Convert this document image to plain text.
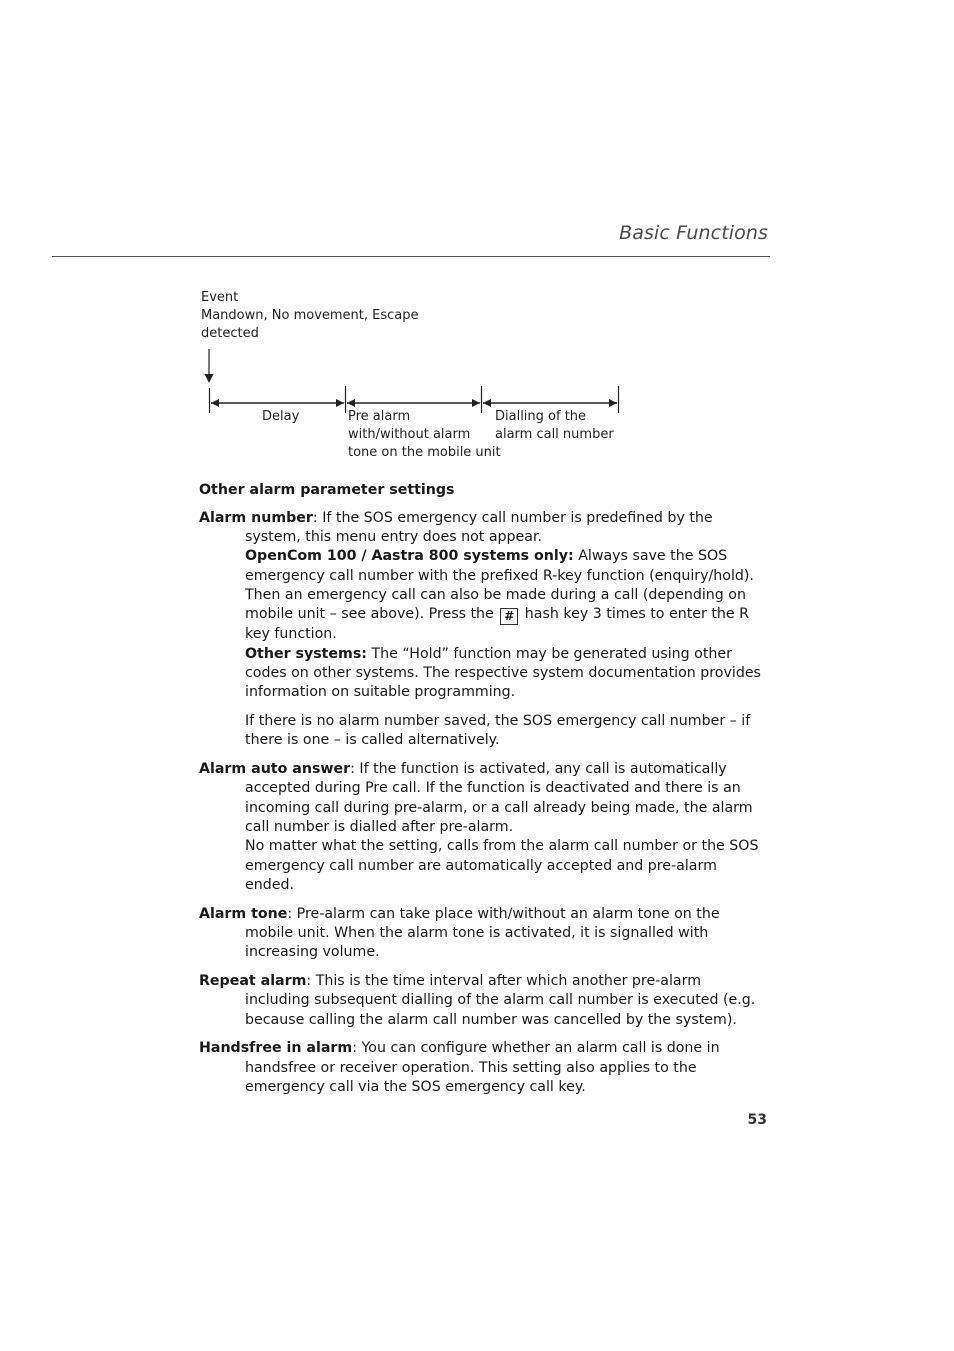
Basic Functions
Event
Mandown, No movement, Escape
detected
Delay	Pre alarm
with/without alarm
tone on the mobile unit
Dialling of the
alarm call number

Other alarm parameter settings

Alarm number: If the SOS emergency call number is predefined by the system, this menu entry does not appear.

OpenCom 100 / Aastra 800 systems only: Always save the SOS emergency call number with the prefixed R-key function (enquiry/hold). Then an emergency call can also be made during a call (depending on mobile unit – see above). Press the # hash key 3 times to enter the R key function.

Other systems: The “Hold” function may be generated using other codes on other systems. The respective system documentation provides information on suitable programming.

If there is no alarm number saved, the SOS emergency call number – if there is one – is called alternatively.

Alarm auto answer: If the function is activated, any call is automatically accepted during Pre call. If the function is deactivated and there is an incoming call during pre-alarm, or a call already being made, the alarm call number is dialled after pre-alarm.

No matter what the setting, calls from the alarm call number or the SOS emergency call number are automatically accepted and pre-alarm ended.

Alarm tone: Pre-alarm can take place with/without an alarm tone on the mobile unit. When the alarm tone is activated, it is signalled with increasing volume.

Repeat alarm: This is the time interval after which another pre-alarm including subsequent dialling of the alarm call number is executed (e.g. because calling the alarm call number was cancelled by the system).

Handsfree in alarm: You can configure whether an alarm call is done in handsfree or receiver operation. This setting also applies to the emergency call via the SOS emergency call key.

53
